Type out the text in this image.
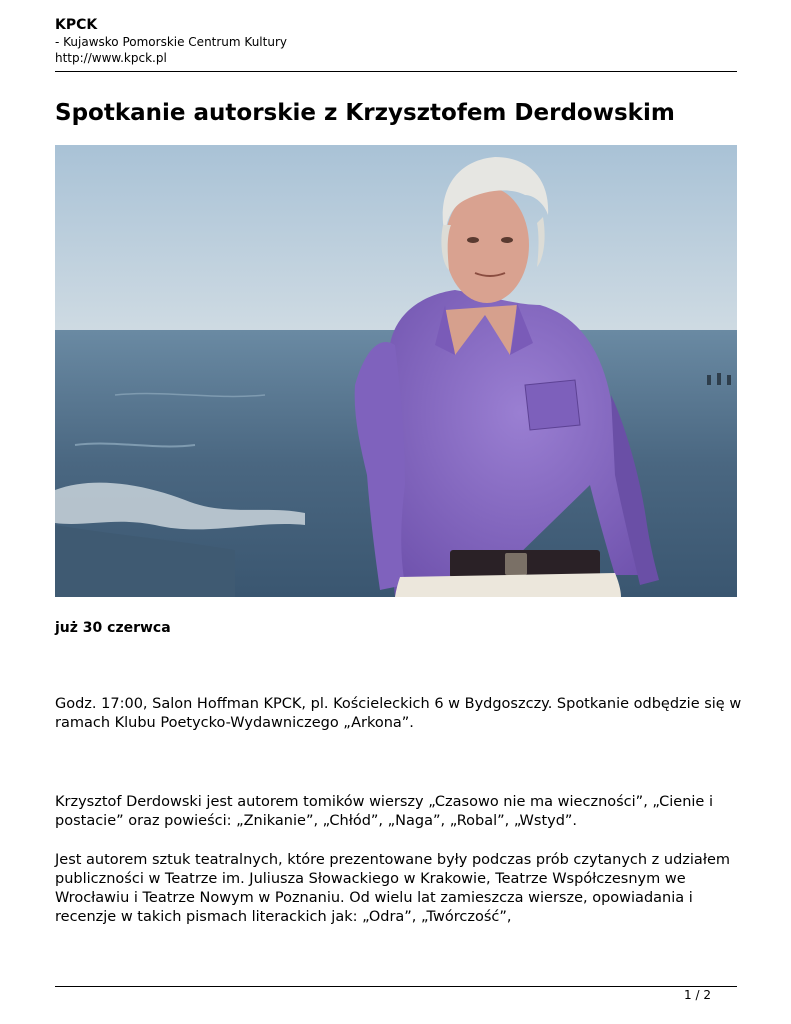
KPCK
- Kujawsko Pomorskie Centrum Kultury
http://www.kpck.pl
Spotkanie autorskie z Krzysztofem Derdowskim
już 30 czerwca

Godz. 17:00, Salon Hoffman KPCK, pl. Kościeleckich 6 w Bydgoszczy. Spotkanie odbędzie się w ramach Klubu Poetycko-Wydawniczego „Arkona”.

Krzysztof Derdowski jest autorem tomików wierszy „Czasowo nie ma wieczności”, „Cienie i postacie” oraz powieści: „Znikanie”, „Chłód”, „Naga”, „Robal”, „Wstyd”.

Jest autorem sztuk teatralnych, które prezentowane były podczas prób czytanych z udziałem publiczności w Teatrze im. Juliusza Słowackiego w Krakowie, Teatrze Współczesnym we Wrocławiu i Teatrze Nowym w Poznaniu. Od wielu lat zamieszcza wiersze, opowiadania i recenzje w takich pismach literackich jak: „Odra”, „Twórczość”,

1 / 2
